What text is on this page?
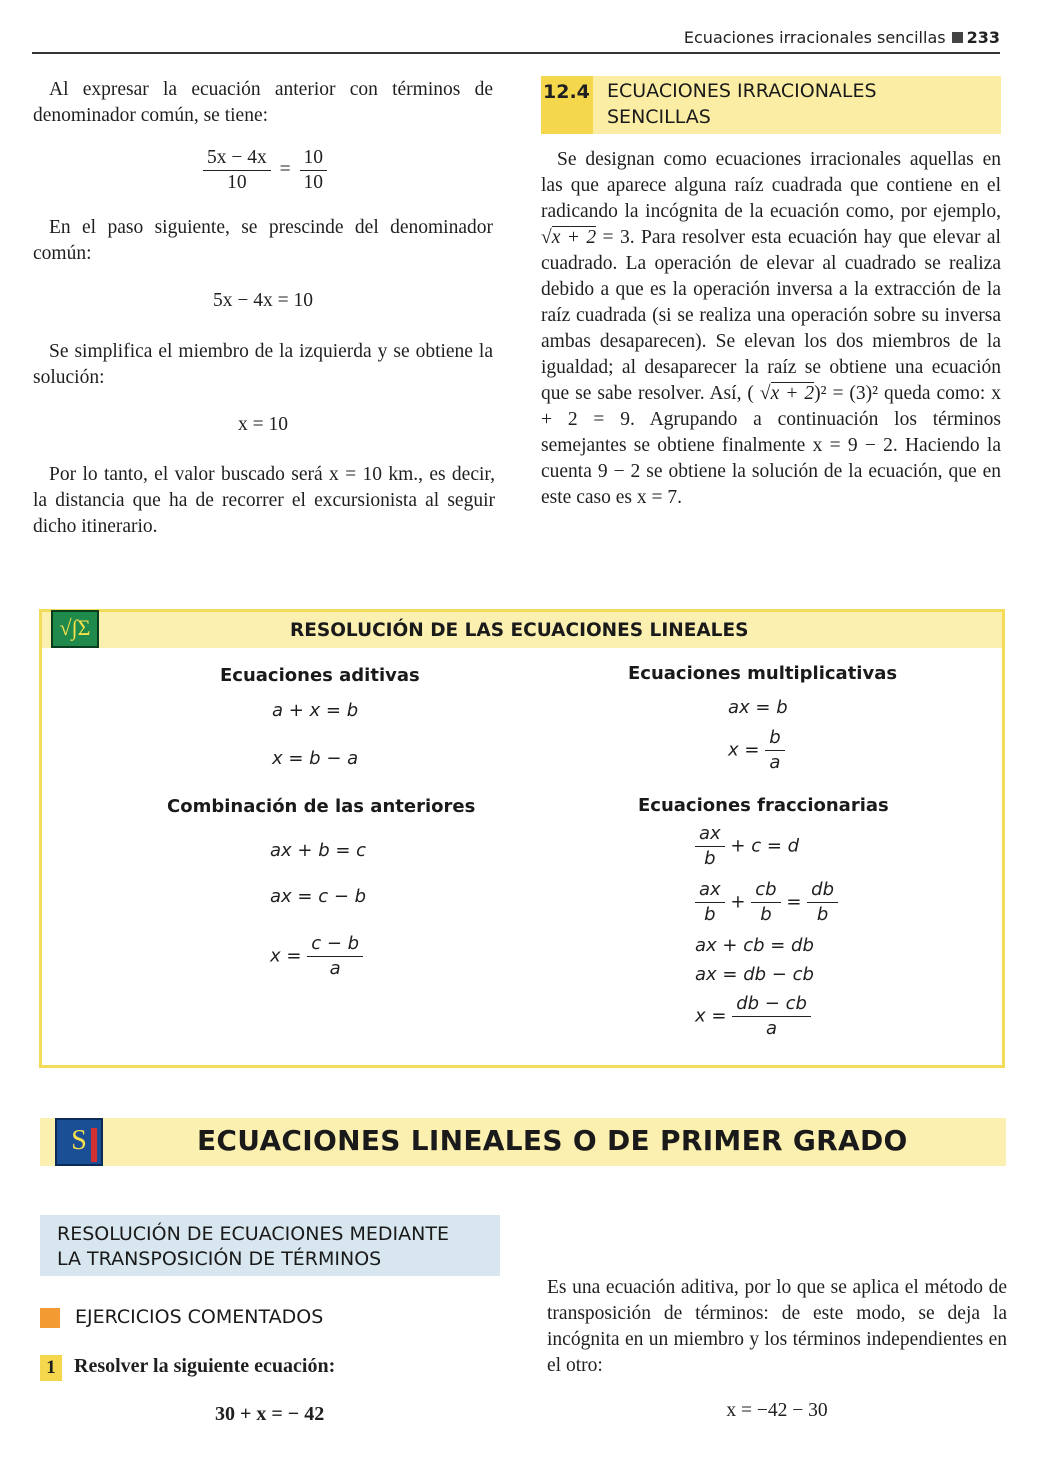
Ecuaciones irracionales sencillas 233
Al expresar la ecuación anterior con términos de denominador común, se tiene:
$\frac{5x - 4x}{10} = \frac{10}{10}$
En el paso siguiente, se prescinde del denominador común:
5x − 4x = 10
Se simplifica el miembro de la izquierda y se obtiene la solución:
x = 10
Por lo tanto, el valor buscado será x = 10 km., es decir, la distancia que ha de recorrer el excursionista al seguir dicho itinerario.
12.4 ECUACIONES IRRACIONALES
SENCILLAS
Se designan como ecuaciones irracionales aquellas en las que aparece alguna raíz cuadrada que contiene en el radicando la incógnita de la ecuación como, por ejemplo, √x + 2 = 3. Para resolver esta ecuación hay que elevar al cuadrado. La operación de elevar al cuadrado se realiza debido a que es la operación inversa a la extracción de la raíz cuadrada (si se realiza una operación sobre su inversa ambas desaparecen). Se elevan los dos miembros de la igualdad; al desaparecer la raíz se obtiene una ecuación que se sabe resolver. Así, ( √x + 2)² = (3)² queda como: x + 2 = 9. Agrupando a continuación los términos semejantes se obtiene finalmente x = 9 − 2. Haciendo la cuenta 9 − 2 se obtiene la solución de la ecuación, que en este caso es x = 7.
√∫Σ	RESOLUCIÓN DE LAS ECUACIONES LINEALES
Ecuaciones aditivas
a + x = b
x = b − a
Combinación de las anteriores
ax + b = c
ax = c − b
$x = \frac{c - b}{a}$
Ecuaciones multiplicativas
ax = b
$x = \frac{b}{a}$
Ecuaciones fraccionarias
$\frac{ax}{b} + c = d$
$\frac{ax}{b} + \frac{cb}{b} = \frac{db}{b}$
ax + cb = db
ax = db − cb
$x = \frac{db - cb}{a}$
S	ECUACIONES LINEALES O DE PRIMER GRADO
RESOLUCIÓN DE ECUACIONES MEDIANTE
LA TRANSPOSICIÓN DE TÉRMINOS
EJERCICIOS COMENTADOS
1 Resolver la siguiente ecuación:
30 + x = − 42
Es una ecuación aditiva, por lo que se aplica el método de transposición de términos: de este modo, se deja la incógnita en un miembro y los términos independientes en el otro:
x = −42 − 30
